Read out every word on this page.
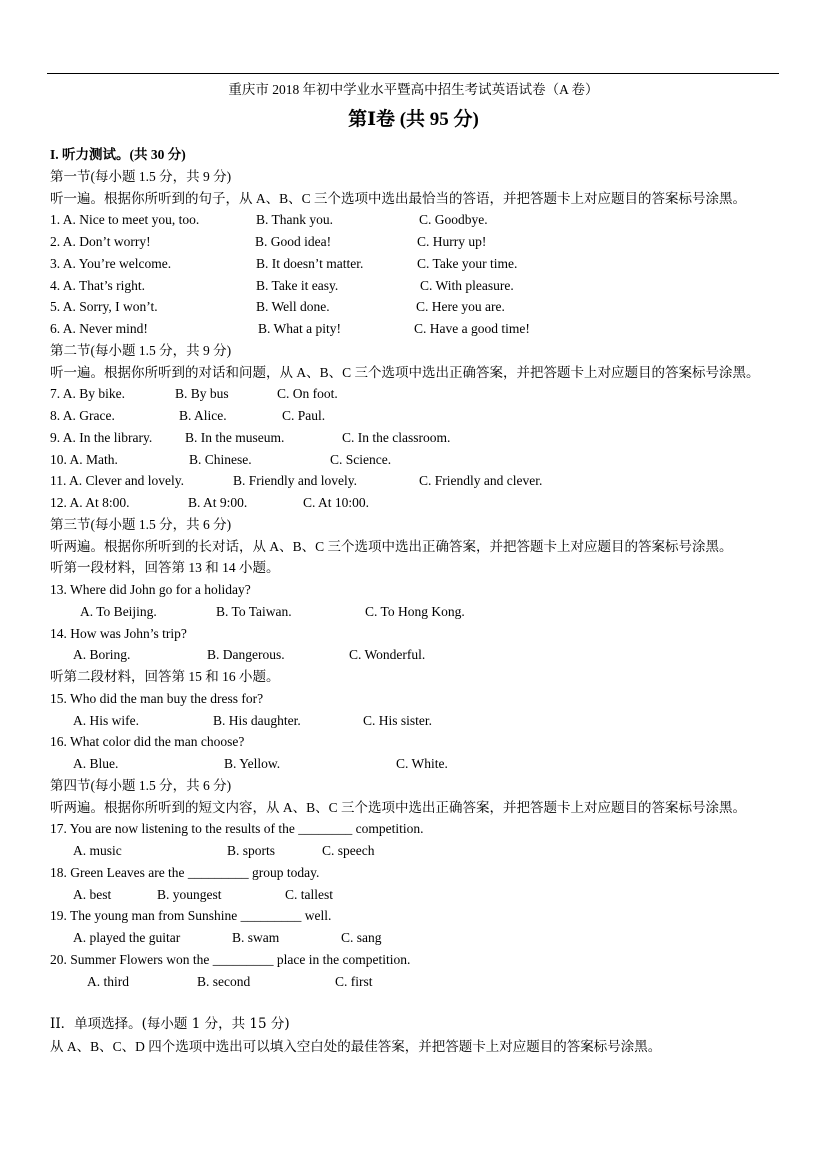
重庆市 2018 年初中学业水平暨高中招生考试英语试卷（A 卷）
第Ⅰ卷 (共 95 分)
I. 听力测试。(共 30 分)
第一节(每小题 1.5 分，共 9 分)
听一遍。根据你所听到的句子，从 A、B、C 三个选项中选出最恰当的答语，并把答题卡上对应题目的答案标号涂黑。
1. A. Nice to meet you, too.	B. Thank you.	C. Goodbye.
2. A. Don’t worry!	B. Good idea!	C. Hurry up!
3. A. You’re welcome.	B. It doesn’t matter.	C. Take your time.
4. A. That’s right.	B. Take it easy.	C. With pleasure.
5. A. Sorry, I won’t.	B. Well done.	C. Here you are.
6. A. Never mind!	B. What a pity!	C. Have a good time!
第二节(每小题 1.5 分，共 9 分)
听一遍。根据你所听到的对话和问题，从 A、B、C 三个选项中选出正确答案，并把答题卡上对应题目的答案标号涂黑。
7. A. By bike.	B. By bus	C. On foot.
8. A. Grace.	B. Alice.	C. Paul.
9. A. In the library. B. In the museum.	C. In the classroom.
10. A. Math.	B. Chinese.	C. Science.
11. A. Clever and lovely.	B. Friendly and lovely.	C. Friendly and clever.
12. A. At 8:00.	B. At 9:00.	C. At 10:00.
第三节(每小题 1.5 分，共 6 分)
听两遍。根据你所听到的长对话，从 A、B、C 三个选项中选出正确答案，并把答题卡上对应题目的答案标号涂黑。
听第一段材料，回答第 13 和 14 小题。
13. Where did John go for a holiday?
A. To Beijing.	B. To Taiwan.	C. To Hong Kong.
14. How was John’s trip?
A. Boring.	B. Dangerous.	C. Wonderful.
听第二段材料，回答第 15 和 16 小题。
15. Who did the man buy the dress for?
A. His wife.	B. His daughter.	C. His sister.
16. What color did the man choose?
A. Blue.	B. Yellow.	C. White.
第四节(每小题 1.5 分，共 6 分)
听两遍。根据你所听到的短文内容，从 A、B、C 三个选项中选出正确答案，并把答题卡上对应题目的答案标号涂黑。
17. You are now listening to the results of the ________ competition.
A. music	B. sports	C. speech
18. Green Leaves are the _________ group today.
A. best	B. youngest	C. tallest
19. The young man from Sunshine _________ well.
A. played the guitar	B. swam	C. sang
20. Summer Flowers won the _________ place in the competition.
A. third	B. second	C. first
II．单项选择。(每小题 1 分，共 15 分)
从 A、B、C、D 四个选项中选出可以填入空白处的最佳答案，并把答题卡上对应题目的答案标号涂黑。
